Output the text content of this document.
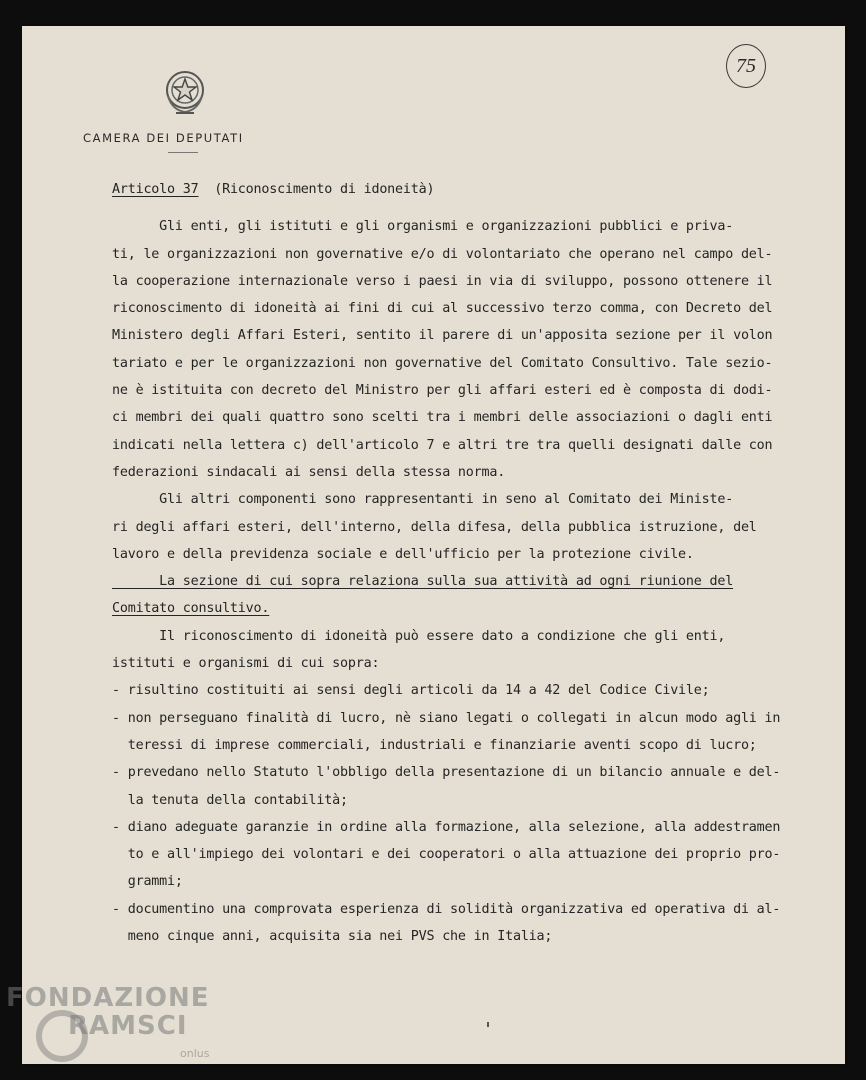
CAMERA DEI DEPUTATI
75
Articolo 37 (Riconoscimento di idoneità)
Gli enti, gli istituti e gli organismi e organizzazioni pubblici e priva-
ti, le organizzazioni non governative e/o di volontariato che operano nel campo del-
la cooperazione internazionale verso i paesi in via di sviluppo, possono ottenere il
riconoscimento di idoneità ai fini di cui al successivo terzo comma, con Decreto del
Ministero degli Affari Esteri, sentito il parere di un'apposita sezione per il volon
tariato e per le organizzazioni non governative del Comitato Consultivo. Tale sezio-
ne è istituita con decreto del Ministro per gli affari esteri ed è composta di dodi-
ci membri dei quali quattro sono scelti tra i membri delle associazioni o dagli enti
indicati nella lettera c) dell'articolo 7 e altri tre tra quelli designati dalle con
federazioni sindacali ai sensi della stessa norma.
Gli altri componenti sono rappresentanti in seno al Comitato dei Ministe-
ri degli affari esteri, dell'interno, della difesa, della pubblica istruzione, del
lavoro e della previdenza sociale e dell'ufficio per la protezione civile.
La sezione di cui sopra relaziona sulla sua attività ad ogni riunione del
Comitato consultivo.
Il riconoscimento di idoneità può essere dato a condizione che gli enti,
istituti e organismi di cui sopra:
- risultino costituiti ai sensi degli articoli da 14 a 42 del Codice Civile;
- non perseguano finalità di lucro, nè siano legati o collegati in alcun modo agli in
teressi di imprese commerciali, industriali e finanziarie aventi scopo di lucro;
- prevedano nello Statuto l'obbligo della presentazione di un bilancio annuale e del-
la tenuta della contabilità;
- diano adeguate garanzie in ordine alla formazione, alla selezione, alla addestramen
to e all'impiego dei volontari e dei cooperatori o alla attuazione dei proprio pro-
grammi;
- documentino una comprovata esperienza di solidità organizzativa ed operativa di al-
meno cinque anni, acquisita sia nei PVS che in Italia;
FONDAZIONE
RAMSCI
onlus
